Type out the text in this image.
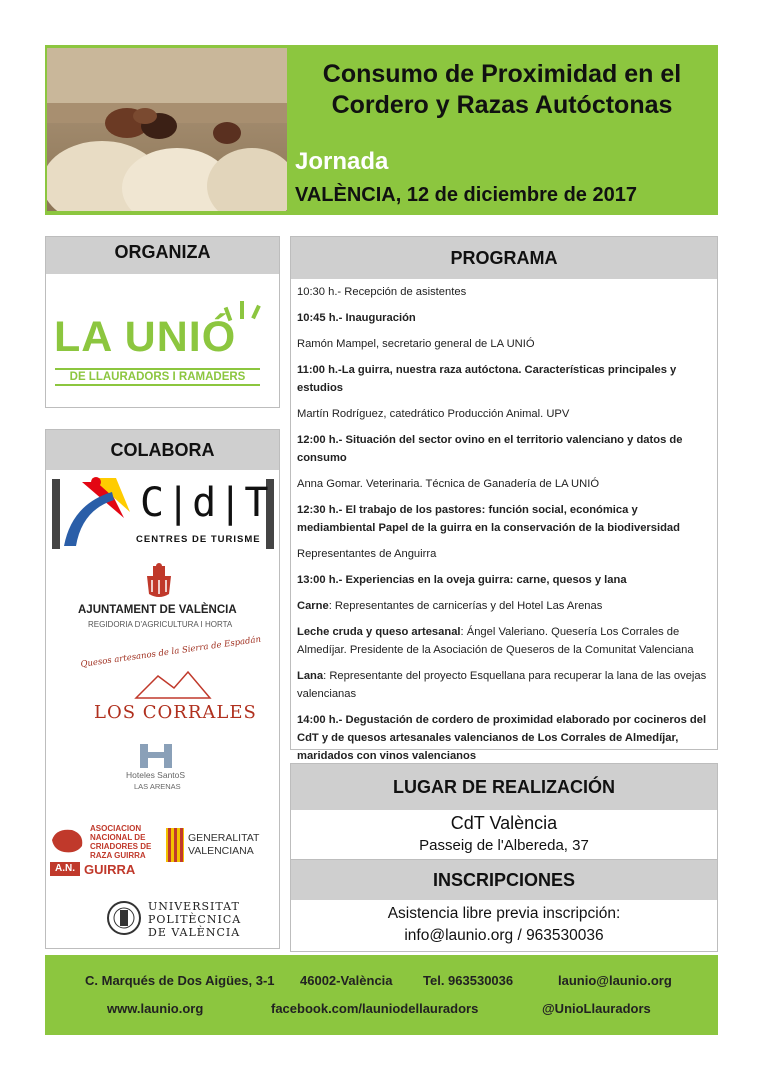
Consumo de Proximidad en el
Cordero y Razas Autóctonas
Jornada
VALÈNCIA, 12 de diciembre de 2017
ORGANIZA
LA UNIÓ
DE LLAURADORS I RAMADERS
COLABORA
C|d|T
CENTRES DE TURISME
AJUNTAMENT DE VALÈNCIA
REGIDORIA D'AGRICULTURA I HORTA
Quesos artesanos de la Sierra de Espadán
LOS CORRALES
Hoteles SantoS
LAS ARENAS
ASOCIACION
NACIONAL DE
CRIADORES DE
RAZA GUIRRA
A.N. GUIRRA
GENERALITAT
VALENCIANA
UNIVERSITAT
POLITÈCNICA
DE VALÈNCIA
PROGRAMA
10:30 h.- Recepción de asistentes
10:45 h.- Inauguración
Ramón Mampel, secretario general de LA UNIÓ
11:00 h.-La guirra, nuestra raza autóctona. Características principales y estudios
Martín Rodríguez, catedrático Producción Animal. UPV
12:00 h.- Situación del sector ovino en el territorio valenciano y datos de consumo
Anna Gomar. Veterinaria. Técnica de Ganadería de LA UNIÓ
12:30 h.- El trabajo de los pastores: función social, económica y mediambiental Papel de la guirra en la conservación de la biodiversidad
Representantes de Anguirra
13:00 h.- Experiencias en la oveja guirra: carne, quesos y lana
Carne: Representantes de carnicerías y del Hotel Las Arenas
Leche cruda y queso artesanal: Ángel Valeriano. Quesería Los Corrales de Almedíjar. Presidente de la Asociación de Queseros de la Comunitat Valenciana
Lana: Representante del proyecto Esquellana para recuperar la lana de las ovejas valencianas
14:00 h.- Degustación de cordero de proximidad elaborado por cocineros del CdT y de quesos artesanales valencianos de Los Corrales de Almedíjar, maridados con vinos valencianos
LUGAR DE REALIZACIÓN
CdT València
Passeig de l'Albereda, 37
INSCRIPCIONES
Asistencia libre previa inscripción:
info@launio.org / 963530036
C. Marqués de Dos Aigües, 3-1 46002-València Tel. 963530036	launio@launio.org
www.launio.org	facebook.com/launiodellauradors	@UnioLlauradors
